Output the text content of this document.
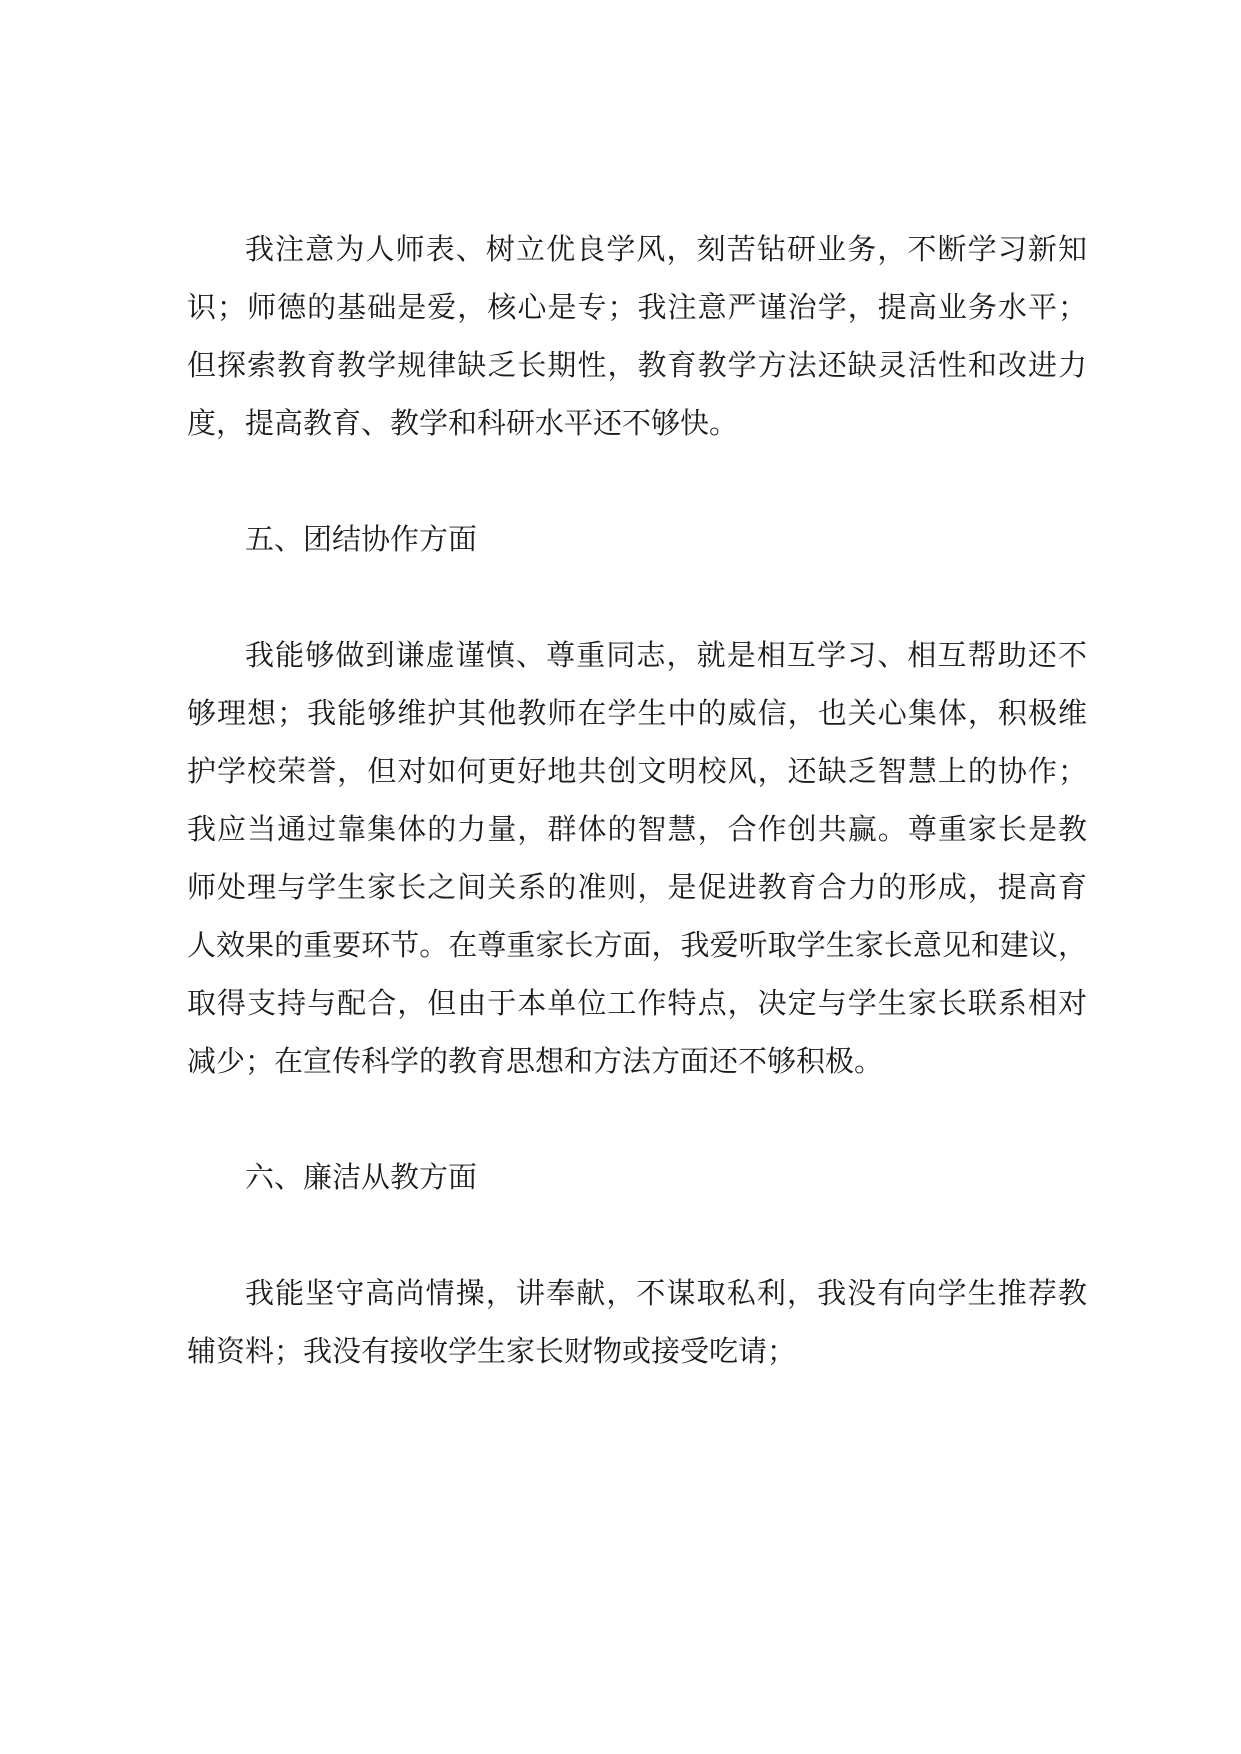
我注意为人师表、树立优良学风，刻苦钻研业务，不断学习新知
识；师德的基础是爱，核心是专；我注意严谨治学，提高业务水平；
但探索教育教学规律缺乏长期性，教育教学方法还缺灵活性和改进力
度，提高教育、教学和科研水平还不够快。
五、团结协作方面
我能够做到谦虚谨慎、尊重同志，就是相互学习、相互帮助还不
够理想；我能够维护其他教师在学生中的威信，也关心集体，积极维
护学校荣誉，但对如何更好地共创文明校风，还缺乏智慧上的协作；
我应当通过靠集体的力量，群体的智慧，合作创共赢。尊重家长是教
师处理与学生家长之间关系的准则，是促进教育合力的形成，提高育
人效果的重要环节。在尊重家长方面，我爱听取学生家长意见和建议，
取得支持与配合，但由于本单位工作特点，决定与学生家长联系相对
减少；在宣传科学的教育思想和方法方面还不够积极。
六、廉洁从教方面
我能坚守高尚情操，讲奉献，不谋取私利，我没有向学生推荐教
辅资料；我没有接收学生家长财物或接受吃请；
